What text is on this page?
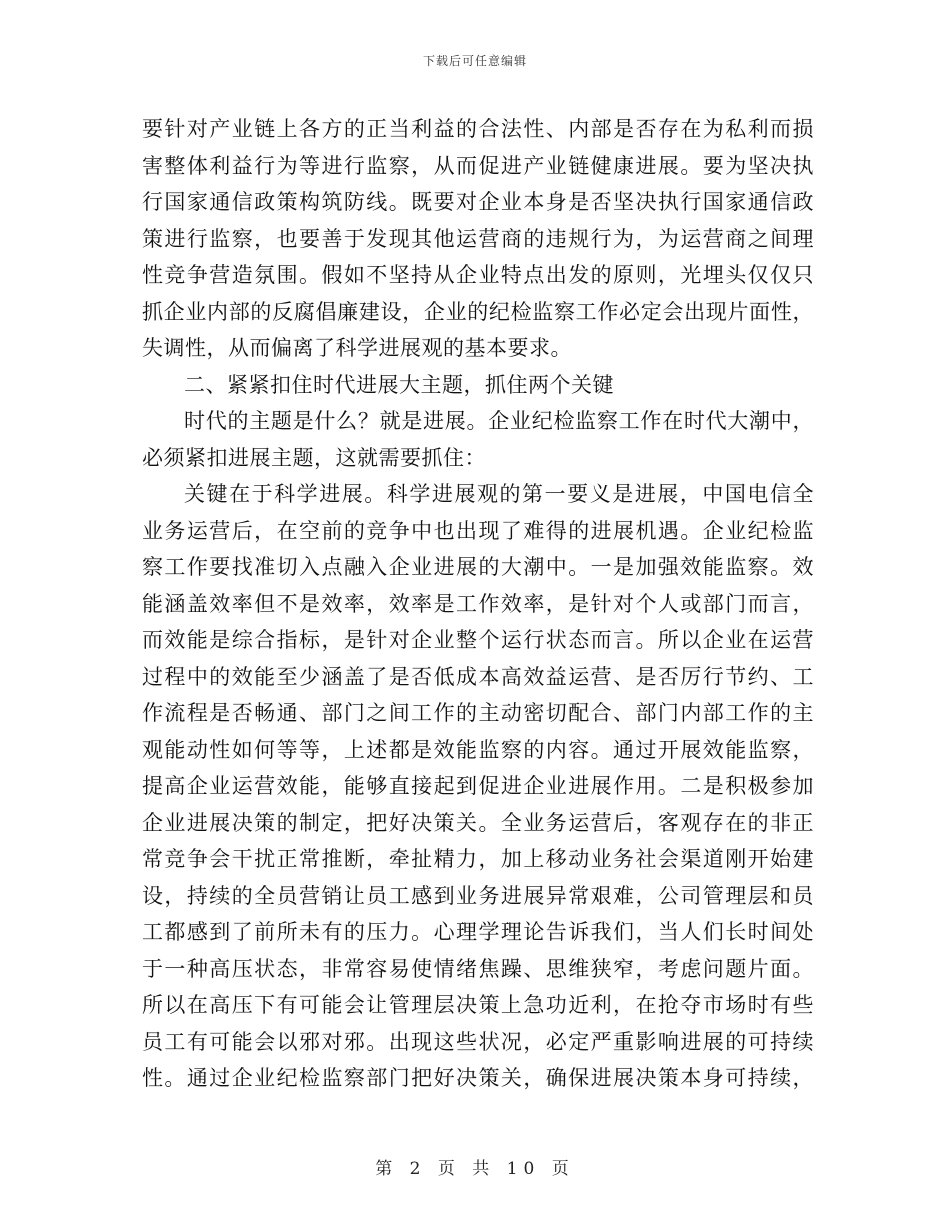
下载后可任意编辑
要针对产业链上各方的正当利益的合法性、内部是否存在为私利而损
害整体利益行为等进行监察，从而促进产业链健康进展。要为坚决执
行国家通信政策构筑防线。既要对企业本身是否坚决执行国家通信政
策进行监察，也要善于发现其他运营商的违规行为，为运营商之间理
性竞争营造氛围。假如不坚持从企业特点出发的原则，光埋头仅仅只
抓企业内部的反腐倡廉建设，企业的纪检监察工作必定会出现片面性，
失调性，从而偏离了科学进展观的基本要求。
二、紧紧扣住时代进展大主题，抓住两个关键
时代的主题是什么？就是进展。企业纪检监察工作在时代大潮中，
必须紧扣进展主题，这就需要抓住：
关键在于科学进展。科学进展观的第一要义是进展，中国电信全
业务运营后，在空前的竞争中也出现了难得的进展机遇。企业纪检监
察工作要找准切入点融入企业进展的大潮中。一是加强效能监察。效
能涵盖效率但不是效率，效率是工作效率，是针对个人或部门而言，
而效能是综合指标，是针对企业整个运行状态而言。所以企业在运营
过程中的效能至少涵盖了是否低成本高效益运营、是否厉行节约、工
作流程是否畅通、部门之间工作的主动密切配合、部门内部工作的主
观能动性如何等等，上述都是效能监察的内容。通过开展效能监察，
提高企业运营效能，能够直接起到促进企业进展作用。二是积极参加
企业进展决策的制定，把好决策关。全业务运营后，客观存在的非正
常竞争会干扰正常推断，牵扯精力，加上移动业务社会渠道刚开始建
设，持续的全员营销让员工感到业务进展异常艰难，公司管理层和员
工都感到了前所未有的压力。心理学理论告诉我们，当人们长时间处
于一种高压状态，非常容易使情绪焦躁、思维狭窄，考虑问题片面。
所以在高压下有可能会让管理层决策上急功近利，在抢夺市场时有些
员工有可能会以邪对邪。出现这些状况，必定严重影响进展的可持续
性。通过企业纪检监察部门把好决策关，确保进展决策本身可持续，
第 2 页 共 10 页
